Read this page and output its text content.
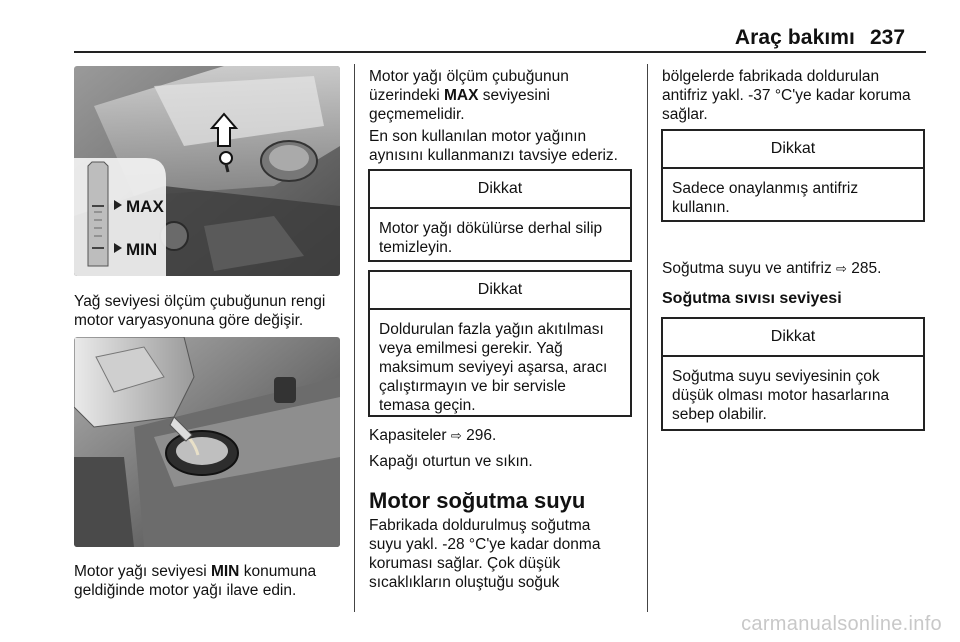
Araç bakımı 237
MAX
MIN
Yağ seviyesi ölçüm çubuğunun rengi
motor varyasyonuna göre değişir.
Motor yağı seviyesi MIN konumuna
geldiğinde motor yağı ilave edin.
Motor yağı ölçüm çubuğunun
üzerindeki MAX seviyesini
geçmemelidir.
En son kullanılan motor yağının
aynısını kullanmanızı tavsiye ederiz.
Dikkat
Motor yağı dökülürse derhal silip
temizleyin.
Dikkat
Doldurulan fazla yağın akıtılması
veya emilmesi gerekir. Yağ
maksimum seviyeyi aşarsa, aracı
çalıştırmayın ve bir servisle
temasa geçin.
Kapasiteler ⇨ 296.
Kapağı oturtun ve sıkın.
Motor soğutma suyu
Fabrikada doldurulmuş soğutma
suyu yakl. -28 °C'ye kadar donma
koruması sağlar. Çok düşük
sıcaklıkların oluştuğu soğuk
bölgelerde fabrikada doldurulan
antifriz yakl. -37 °C'ye kadar koruma
sağlar.
Dikkat
Sadece onaylanmış antifriz
kullanın.
Soğutma suyu ve antifriz ⇨ 285.
Soğutma sıvısı seviyesi
Dikkat
Soğutma suyu seviyesinin çok
düşük olması motor hasarlarına
sebep olabilir.
carmanualsonline.info
